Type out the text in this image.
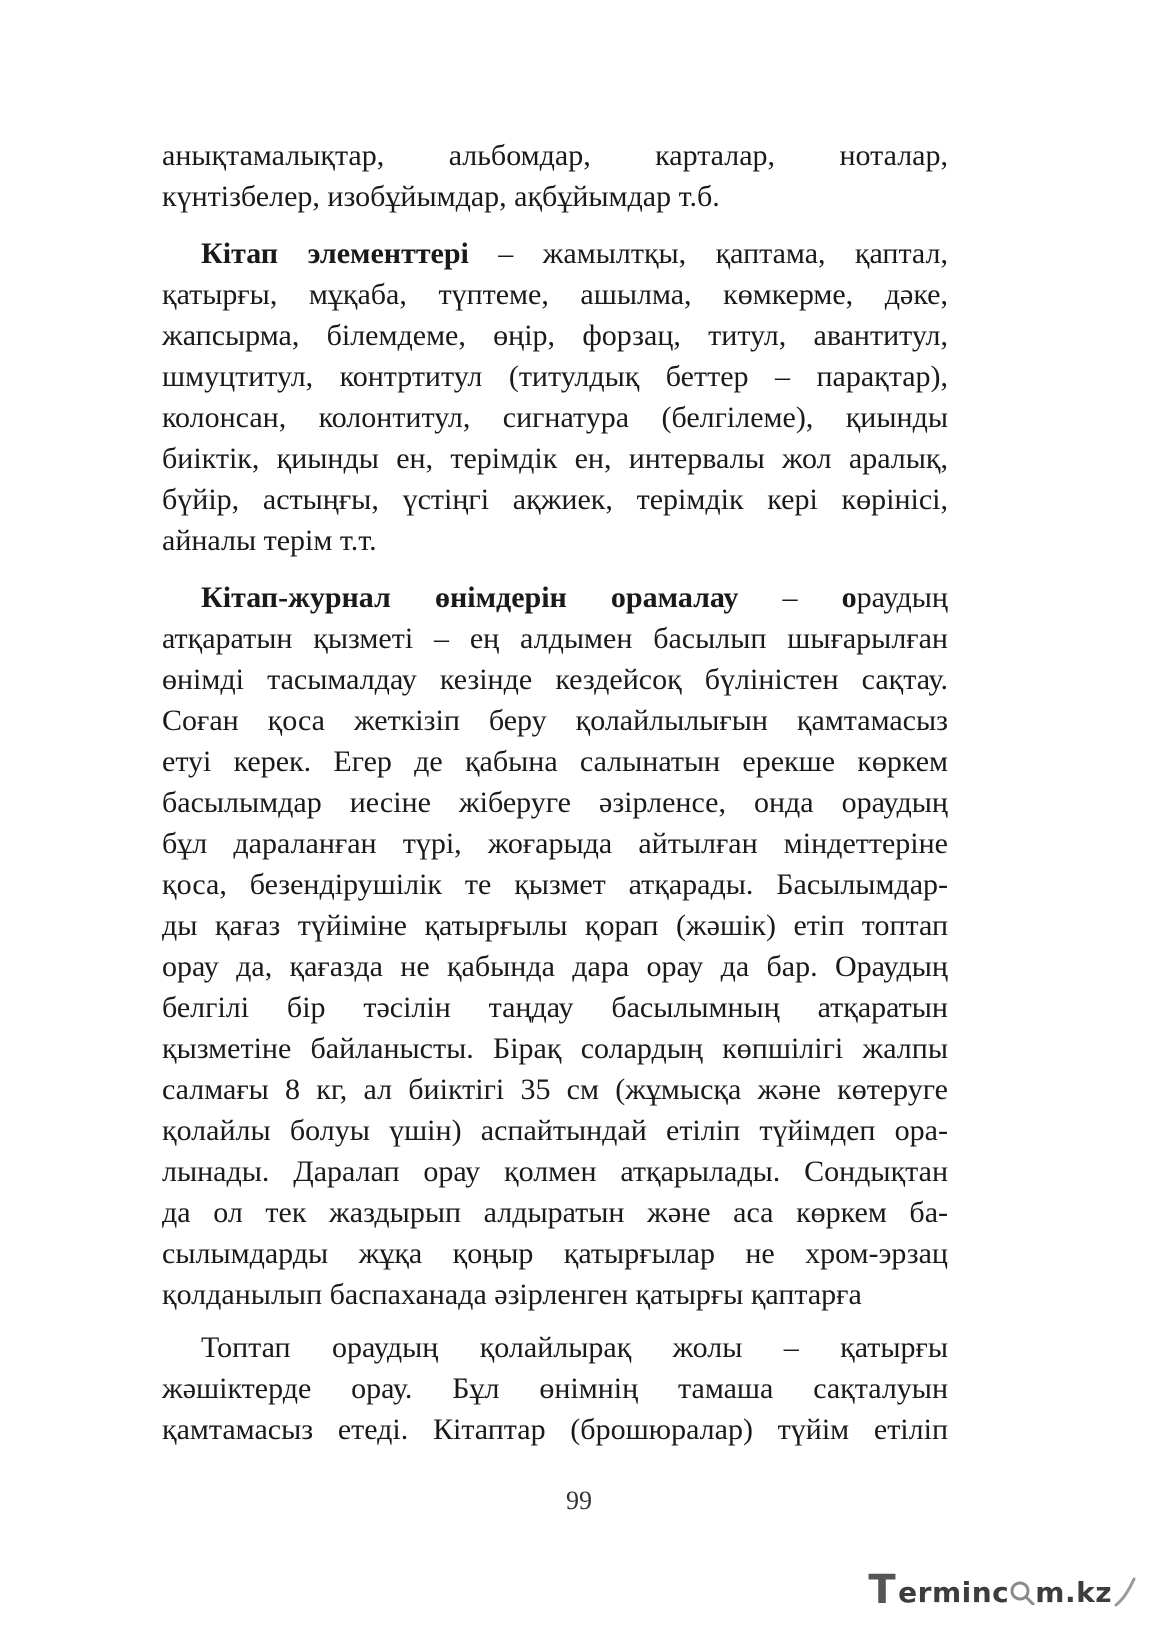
анықтамалықтар, альбомдар, карталар, ноталар,
күнтізбелер, изобұйымдар, ақбұйымдар т.б.
Кітап элементтері – жамылтқы, қаптама, қаптал,
қатырғы, мұқаба, түптеме, ашылма, көмкерме, дәке,
жапсырма, білемдеме, өңір, форзац, титул, авантитул,
шмуцтитул, контртитул (титулдық беттер – парақтар),
колонсан, колонтитул, сигнатура (белгілеме), қиынды
биіктік, қиынды ен, терімдік ен, интервалы жол аралық,
бүйір, астыңғы, үстіңгі ақжиек, терімдік кері көрінісі,
айналы терім т.т.
Кітап-журнал өнімдерін орамалау – ораудың
атқаратын қызметі – ең алдымен басылып шығарылған
өнімді тасымалдау кезінде кездейсоқ бүлініcтен сақтау.
Соған қоса жеткізіп беру қолайлылығын қамтамасыз
етуі керек. Егер де қабына салынатын ерекше көркем
басылымдар иесіне жіберуге әзірленсе, онда ораудың
бұл дараланған түрі, жоғарыда айтылған міндеттеріне
қоса, безендірушілік те қызмет атқарады. Басылымдар-
ды қағаз түйіміне қатырғылы қорап (жәшік) етіп топтап
орау да, қағазда не қабында дара орау да бар. Ораудың
белгілі бір тәсілін таңдау басылымның атқаратын
қызметіне байланысты. Бірақ солардың көпшілігі жалпы
салмағы 8 кг, ал биіктігі 35 см (жұмысқа және көтеруге
қолайлы болуы үшін) аспайтындай етіліп түйімдеп ора-
лынады. Даралап орау қолмен атқарылады. Сондықтан
да ол тек жаздырып алдыратын және аса көркем ба-
сылымдарды жұқа қоңыр қатырғылар не хром-эрзац
қолданылып баспаханада әзірленген қатырғы қаптарға
Топтап ораудың қолайлырақ жолы – қатырғы
жәшіктерде орау. Бұл өнімнің тамаша сақталуын
қамтамасыз етеді. Кітаптар (брошюралар) түйім етіліп
99
T erminc m.kz
